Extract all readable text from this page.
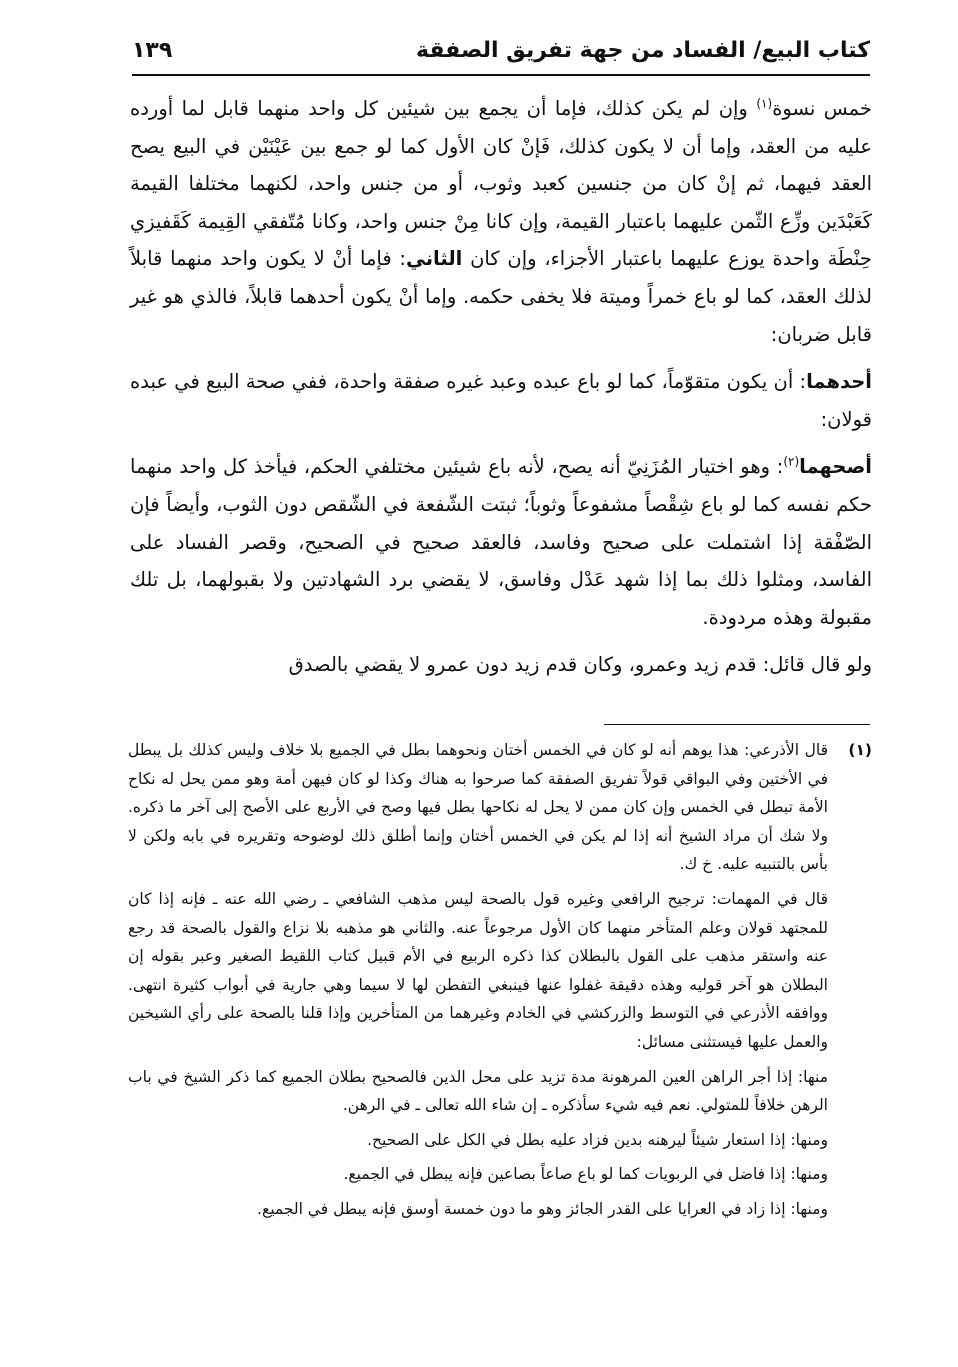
كتاب البيع/ الفساد من جهة تفريق الصفقة
١٣٩

خمس نسوة$^{(١)}$ وإن لم يكن كذلك، فإما أن يجمع بين شيئين كل واحد منهما قابل لما أورده عليه من العقد، وإما أن لا يكون كذلك، فَإنْ كان الأول كما لو جمع بين عَيْنَيْن في البيع يصح العقد فيهما، ثم إنْ كان من جنسين كعبد وثوب، أو من جنس واحد، لكنهما مختلفا القيمة كَعَبْدَين وزِّع الثّمن عليهما باعتبار القيمة، وإن كانا مِنْ جنس واحد، وكانا مُتّفقي القِيمة كَقَفيزي حِنْطَة واحدة يوزع عليهما باعتبار الأجزاء، وإن كان الثاني: فإما أنْ لا يكون واحد منهما قابلاً لذلك العقد، كما لو باع خمراً وميتة فلا يخفى حكمه. وإما أنْ يكون أحدهما قابلاً، فالذي هو غير قابل ضربان:

أحدهما: أن يكون متقوّماً، كما لو باع عبده وعبد غيره صفقة واحدة، ففي صحة البيع في عبده قولان:

أصحهما$^{(٢)}$: وهو اختيار المُزَنِيّ أنه يصح، لأنه باع شيئين مختلفي الحكم، فيأخذ كل واحد منهما حكم نفسه كما لو باع شِقْصاً مشفوعاً وثوباً؛ ثبتت الشّفعة في الشّقص دون الثوب، وأيضاً فإن الصّفْقة إذا اشتملت على صحيح وفاسد، فالعقد صحيح في الصحيح، وقصر الفساد على الفاسد، ومثلوا ذلك بما إذا شهد عَدْل وفاسق، لا يقضي برد الشهادتين ولا بقبولهما، بل تلك مقبولة وهذه مردودة.

ولو قال قائل: قدم زيد وعمرو، وكان قدم زيد دون عمرو لا يقضي بالصدق

(١)

قال الأذرعي: هذا يوهم أنه لو كان في الخمس أختان ونحوهما بطل في الجميع بلا خلاف وليس كذلك بل يبطل في الأختين وفي البواقي قولاً تفريق الصفقة كما صرحوا به هناك وكذا لو كان فيهن أمة وهو ممن يحل له نكاح الأمة تبطل في الخمس وإن كان ممن لا يحل له نكاحها بطل فيها وصح في الأربع على الأصح إلى آخر ما ذكره. ولا شك أن مراد الشيخ أنه إذا لم يكن في الخمس أختان وإنما أطلق ذلك لوضوحه وتقريره في بابه ولكن لا بأس بالتنبيه عليه. خ ك.

قال في المهمات: ترجيح الرافعي وغيره قول بالصحة ليس مذهب الشافعي ـ رضي الله عنه ـ فإنه إذا كان للمجتهد قولان وعلم المتأخر منهما كان الأول مرجوعاً عنه. والثاني هو مذهبه بلا نزاع والقول بالصحة قد رجع عنه واستقر مذهب على القول بالبطلان كذا ذكره الربيع في الأم قبيل كتاب اللقيط الصغير وعبر بقوله إن البطلان هو آخر قوليه وهذه دقيقة غفلوا عنها فينبغي التفطن لها لا سيما وهي جارية في أبواب كثيرة انتهى. ووافقه الأذرعي في التوسط والزركشي في الخادم وغيرهما من المتأخرين وإذا قلنا بالصحة على رأي الشيخين والعمل عليها فيستثنى مسائل:

منها: إذا أجر الراهن العين المرهونة مدة تزيد على محل الدين فالصحيح بطلان الجميع كما ذكر الشيخ في باب الرهن خلافاً للمتولي. نعم فيه شيء سأذكره ـ إن شاء الله تعالى ـ في الرهن.

ومنها: إذا استعار شيئاً ليرهنه بدين فزاد عليه بطل في الكل على الصحيح.

ومنها: إذا فاضل في الربويات كما لو باع صاعاً بصاعين فإنه يبطل في الجميع.

ومنها: إذا زاد في العرايا على القدر الجائز وهو ما دون خمسة أوسق فإنه يبطل في الجميع.
